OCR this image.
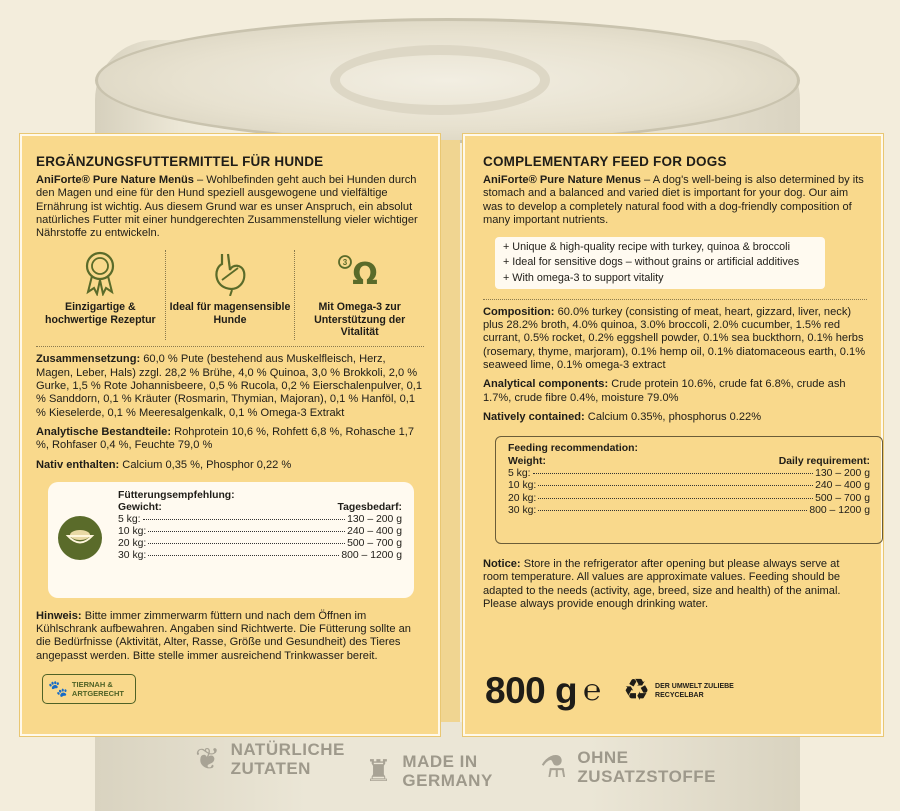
❦ NATÜRLICHE
ZUTATEN	♜ MADE IN
GERMANY ⚗ OHNE
ZUSATZSTOFFE
ERGÄNZUNGSFUTTERMITTEL FÜR HUNDE

AniForte® Pure Nature Menüs – Wohlbefinden geht auch bei Hunden durch den Magen und eine für den Hund speziell ausgewogene und vielfältige Ernährung ist wichtig. Aus diesem Grund war es unser Anspruch, ein absolut natürliches Futter mit einer hundgerechten Zusammenstellung vieler wichtiger Nährstoffe zu entwickeln.

Einzigartige & hochwertige Rezeptur
Ideal für magensensible Hunde
3 Ω
Mit Omega-3 zur Unterstützung der Vitalität

Zusammensetzung: 60,0 % Pute (bestehend aus Muskelfleisch, Herz, Magen, Leber, Hals) zzgl. 28,2 % Brühe, 4,0 % Quinoa, 3,0 % Brokkoli, 2,0 % Gurke, 1,5 % Rote Johannisbeere, 0,5 % Rucola, 0,2 % Eierschalenpulver, 0,1 % Sanddorn, 0,1 % Kräuter (Rosmarin, Thymian, Majoran), 0,1 % Hanföl, 0,1 % Kieselerde, 0,1 % Meeresalgenkalk, 0,1 % Omega-3 Extrakt

Analytische Bestandteile: Rohprotein 10,6 %, Rohfett 6,8 %, Rohasche 1,7 %, Rohfaser 0,4 %, Feuchte 79,0 %

Nativ enthalten: Calcium 0,35 %, Phosphor 0,22 %

Fütterungsempfehlung:
Gewicht:	Tagesbedarf:
5 kg:	130 – 200 g
10 kg:	240 – 400 g
20 kg:	500 – 700 g
30 kg:	800 – 1200 g

Hinweis: Bitte immer zimmerwarm füttern und nach dem Öffnen im Kühlschrank aufbewahren. Angaben sind Richtwerte. Die Fütterung sollte an die Bedürfnisse (Aktivität, Alter, Rasse, Größe und Gesundheit) des Tieres angepasst werden. Bitte stelle immer ausreichend Trinkwasser bereit.

🐾 TIERNAH &
ARTGERECHT
COMPLEMENTARY FEED FOR DOGS

AniForte® Pure Nature Menus – A dog's well-being is also determined by its stomach and a balanced and varied diet is important for your dog. Our aim was to develop a completely natural food with a dog-friendly composition of many important nutrients.

+ Unique & high-quality recipe with turkey, quinoa & broccoli
+ Ideal for sensitive dogs – without grains or artificial additives
+ With omega-3 to support vitality

Composition: 60.0% turkey (consisting of meat, heart, gizzard, liver, neck) plus 28.2% broth, 4.0% quinoa, 3.0% broccoli, 2.0% cucumber, 1.5% red currant, 0.5% rocket, 0.2% eggshell powder, 0.1% sea buckthorn, 0.1% herbs (rosemary, thyme, marjoram), 0.1% hemp oil, 0.1% diatomaceous earth, 0.1% seaweed lime, 0.1% omega-3 extract

Analytical components: Crude protein 10.6%, crude fat 6.8%, crude ash 1.7%, crude fibre 0.4%, moisture 79.0%

Natively contained: Calcium 0.35%, phosphorus 0.22%

Feeding recommendation:
Weight:	Daily requirement:
5 kg:	130 – 200 g
10 kg:	240 – 400 g
20 kg:	500 – 700 g
30 kg:	800 – 1200 g

Notice: Store in the refrigerator after opening but please always serve at room temperature. All values are approximate values. Feeding should be adapted to the needs (activity, age, breed, size and health) of the animal. Please always provide enough drinking water.

800 g ℮ ♻ DER UMWELT ZULIEBE
RECYCELBAR
